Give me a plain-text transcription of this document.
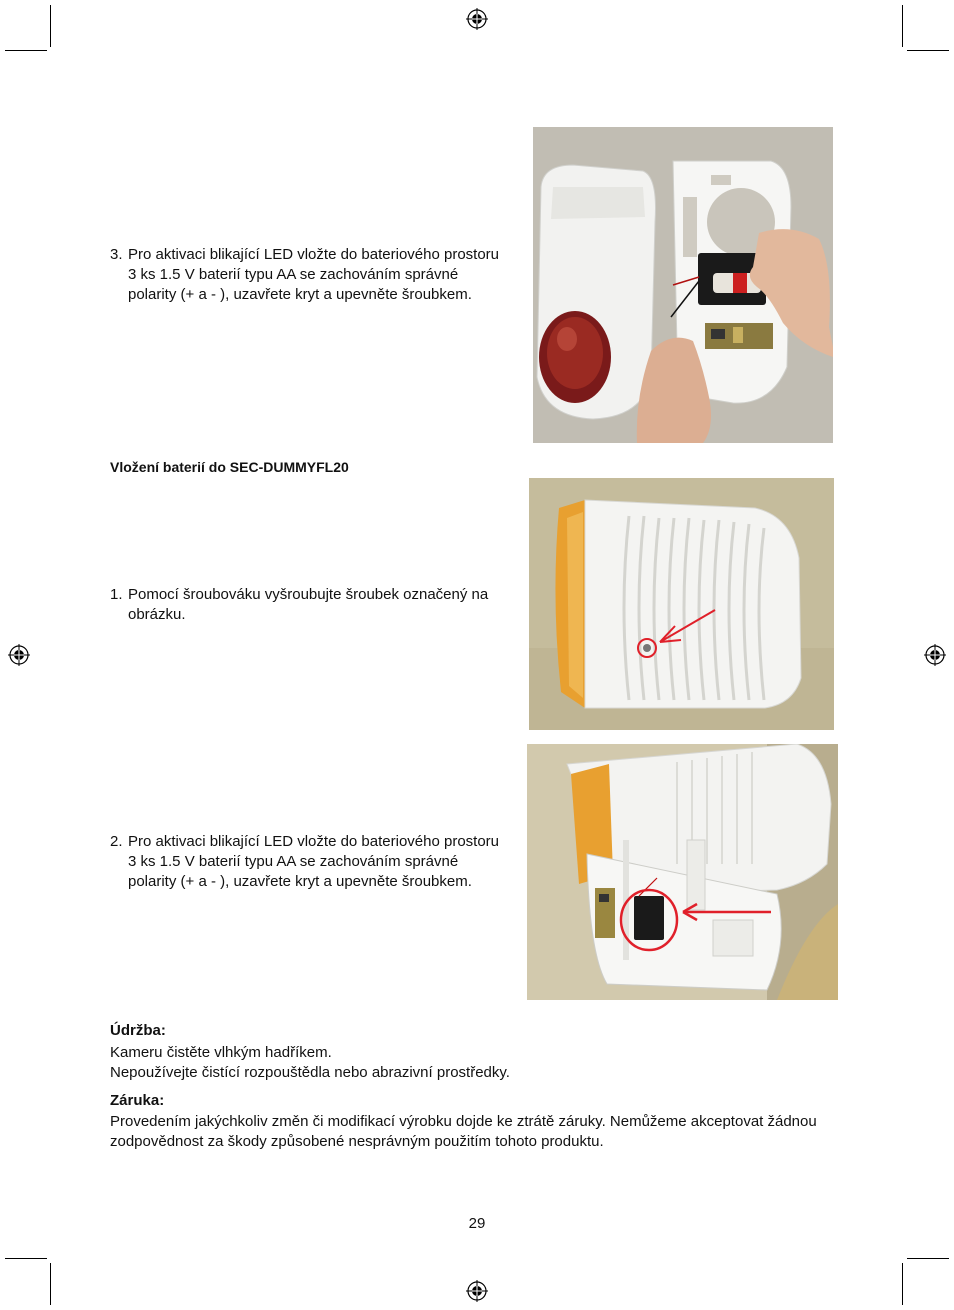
3. Pro aktivaci blikající LED vložte do bateriového prostoru 3 ks 1.5 V baterií typu AA se zachováním správné polarity (+ a - ), uzavřete kryt a upevněte šroubkem.
Vložení baterií do SEC-DUMMYFL20
1. Pomocí šroubováku vyšroubujte šroubek označený na obrázku.
2. Pro aktivaci blikající LED vložte do bateriového prostoru 3 ks 1.5 V baterií typu AA se zachováním správné polarity (+ a - ), uzavřete kryt a upevněte šroubkem.
Údržba:
Kameru čistěte vlhkým hadříkem.
Nepoužívejte čistící rozpouštědla nebo abrazivní prostředky.
Záruka:
Provedením jakýchkoliv změn či modifikací výrobku dojde ke ztrátě záruky. Nemůžeme akceptovat žádnou zodpovědnost za škody způsobené nesprávným použitím tohoto produktu.
29
